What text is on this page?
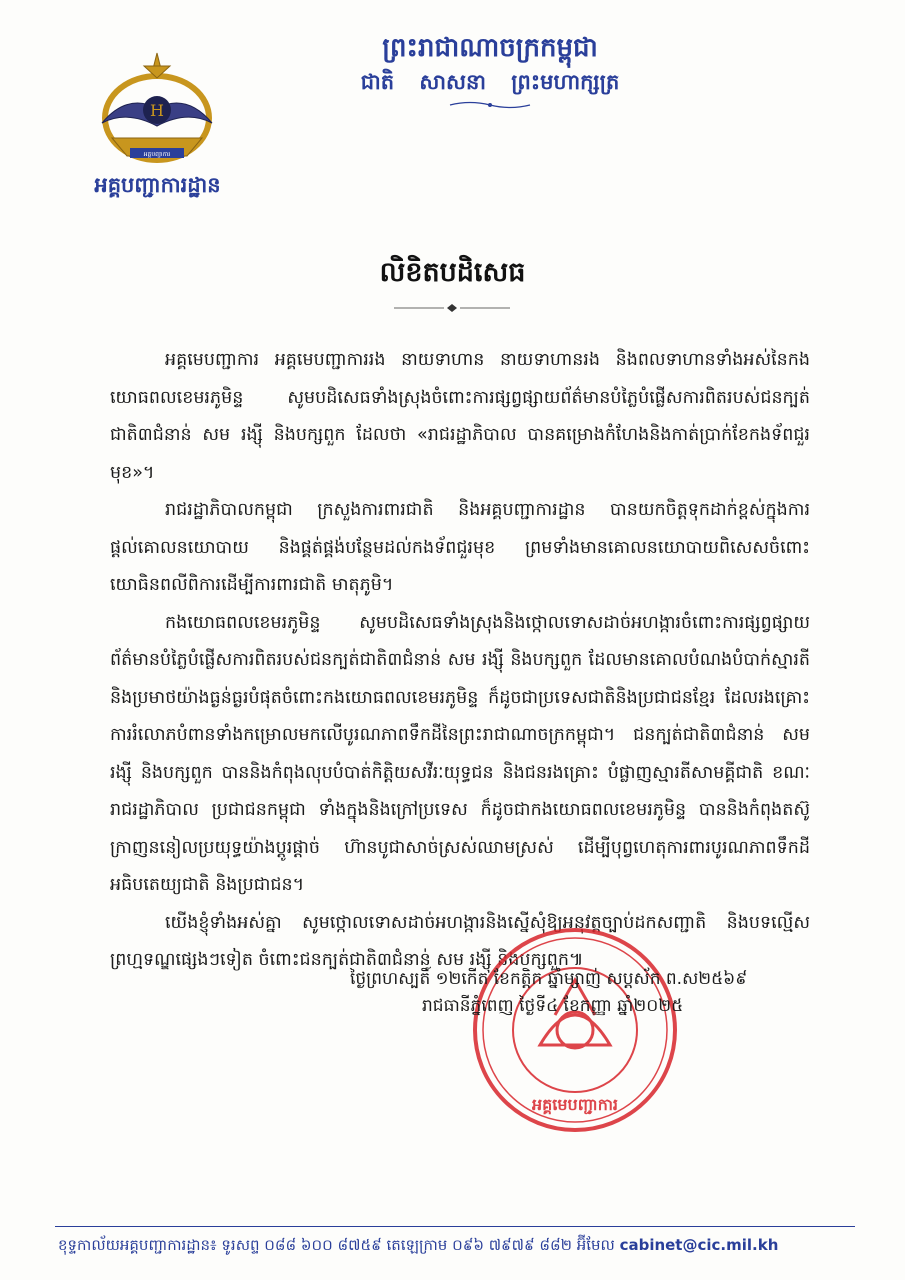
H
អគ្គបញ្ជាការ
អគ្គបញ្ជាការដ្ឋាន
ព្រះរាជាណាចក្រកម្ពុជា
ជាតិ សាសនា ព្រះមហាក្សត្រ
លិខិតបដិសេធ

អគ្គមេបញ្ជាការ អគ្គមេបញ្ជាការរង នាយទាហាន នាយទាហានរង និងពលទាហានទាំងអស់នៃកងយោធពលខេមរភូមិន្ទ សូមបដិសេធទាំងស្រុងចំពោះការផ្សព្វផ្សាយព័ត៌មានបំភ្លៃបំផ្លើសការពិតរបស់ជនក្បត់ជាតិ៣ជំនាន់ សម រង្ស៊ី និងបក្សពួក ដែលថា «រាជរដ្ឋាភិបាល បានគម្រោងកំហែងនិងកាត់ប្រាក់ខែកងទ័ពជួរមុខ»។

រាជរដ្ឋាភិបាលកម្ពុជា ក្រសួងការពារជាតិ និងអគ្គបញ្ជាការដ្ឋាន បានយកចិត្តទុកដាក់ខ្ពស់ក្នុងការផ្តល់គោលនយោបាយ និងផ្គត់ផ្គង់បន្ថែមដល់កងទ័ពជួរមុខ ព្រមទាំងមានគោលនយោបាយពិសេសចំពោះយោធិនពលីពិការដើម្បីការពារជាតិ មាតុភូមិ។

កងយោធពលខេមរភូមិន្ទ សូមបដិសេធទាំងស្រុងនិងថ្កោលទោសដាច់អហង្ការចំពោះការផ្សព្វផ្សាយព័ត៌មានបំភ្លៃបំផ្លើសការពិតរបស់ជនក្បត់ជាតិ៣ជំនាន់ សម រង្ស៊ី និងបក្សពួក ដែលមានគោលបំណងបំបាក់ស្មារតីនិងប្រមាថយ៉ាងធ្ងន់ធ្ងរបំផុតចំពោះកងយោធពលខេមរភូមិន្ទ ក៏ដូចជាប្រទេសជាតិនិងប្រជាជនខ្មែរ ដែលរងគ្រោះការរំលោភបំពានទាំងកម្រោលមកលើបូរណភាពទឹកដីនៃព្រះរាជាណាចក្រកម្ពុជា។ ជនក្បត់ជាតិ៣ជំនាន់ សម រង្ស៊ី និងបក្សពួក បាននិងកំពុងលុបបំបាត់កិត្តិយសវីរៈយុទ្ធជន និងជនរងគ្រោះ បំផ្លាញស្មារតីសាមគ្គីជាតិ ខណៈរាជរដ្ឋាភិបាល ប្រជាជនកម្ពុជា ទាំងក្នុងនិងក្រៅប្រទេស ក៏ដូចជាកងយោធពលខេមរភូមិន្ទ បាននិងកំពុងតស៊ូក្រាញននៀលប្រយុទ្ធយ៉ាងប្តូរផ្តាច់ ហ៊ានបូជាសាច់ស្រស់ឈាមស្រស់ ដើម្បីបុព្វហេតុការពារបូរណភាពទឹកដី អធិបតេយ្យជាតិ និងប្រជាជន។

យើងខ្ញុំទាំងអស់គ្នា សូមថ្កោលទោសដាច់អហង្ការនិងស្នើសុំឱ្យអនុវត្តច្បាប់ដកសញ្ជាតិ និងបទល្មើសព្រហ្មទណ្ឌផ្សេងៗទៀត ចំពោះជនក្បត់ជាតិ៣ជំនាន់ សម រង្ស៊ី និងបក្សពួក៕

អគ្គមេបញ្ជាការ
ថ្ងៃព្រហស្បតិ៍ ១២កើត ខែកត្តិក ឆ្នាំម្សាញ់ សប្តស័ក ព.ស២៥៦៩
រាជធានីភ្នំពេញ ថ្ងៃទី៤ ខែកញ្ញា ឆ្នាំ២០២៥
ខុទ្ទកាល័យអគ្គបញ្ជាការដ្ឋាន៖ ទូរសព្ទ ០៨៨ ៦០០ ៨៧៥៩ តេឡេក្រាម ០៩៦ ៧៩៧៩ ៨៨២ អ៊ីមែល cabinet@cic.mil.kh
